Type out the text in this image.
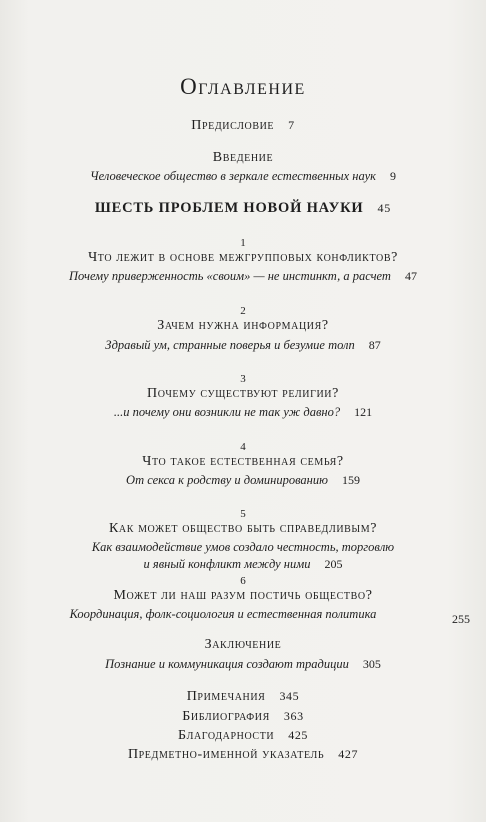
Оглавление
Предисловие 7
Введение
Человеческое общество в зеркале естественных наук 9
ШЕСТЬ ПРОБЛЕМ НОВОЙ НАУКИ 45
1
Что лежит в основе межгрупповых конфликтов?
Почему приверженность «своим» — не инстинкт, а расчет 47
2
Зачем нужна информация?
Здравый ум, странные поверья и безумие толп 87
3
Почему существуют религии?
...и почему они возникли не так уж давно? 121
4
Что такое естественная семья?
От секса к родству и доминированию 159
5
Как может общество быть справедливым?
Как взаимодействие умов создало честность, торговлю
и явный конфликт между ними 205
6
Может ли наш разум постичь общество?
Координация, фолк-социология и естественная политика	255
Заключение
Познание и коммуникация создают традиции 305
Примечания 345
Библиография 363
Благодарности 425
Предметно-именной указатель 427
